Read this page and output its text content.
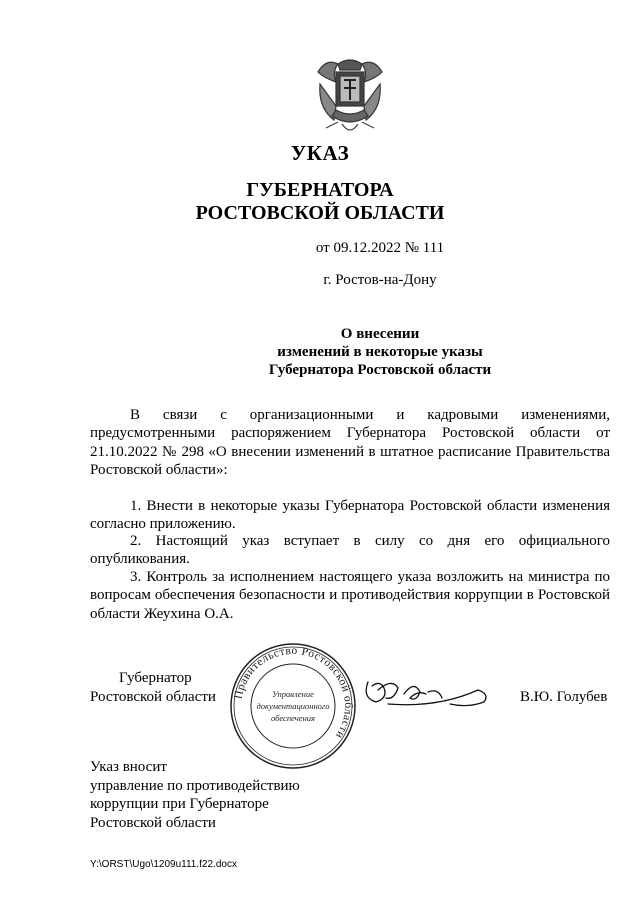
УКАЗ
ГУБЕРНАТОРА
РОСТОВСКОЙ ОБЛАСТИ
от 09.12.2022 № 111
г. Ростов-на-Дону
О внесении
изменений в некоторые указы
Губернатора Ростовской области
В связи с организационными и кадровыми изменениями, предусмотренными распоряжением Губернатора Ростовской области от 21.10.2022 № 298 «О внесении изменений в штатное расписание Правительства Ростовской области»:
1. Внести в некоторые указы Губернатора Ростовской области изменения согласно приложению.
2. Настоящий указ вступает в силу со дня его официального опубликования.
3. Контроль за исполнением настоящего указа возложить на министра по вопросам обеспечения безопасности и противодействия коррупции в Ростовской области Жеухина О.А.
Губернатор
Ростовской области Правительство Ростовской области
Управление
документационного
обеспечения
В.Ю. Голубев
Указ вносит
управление по противодействию
коррупции при Губернаторе
Ростовской области
Y:\ORST\Ugo\1209u111.f22.docx
